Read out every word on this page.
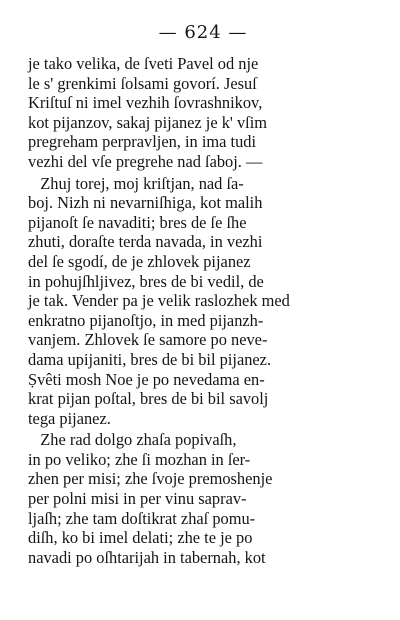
— 624 —
je tako velika, de ſveti Pavel od nje
le s' grenkimi ſolsami govorí. Jesuſ
Kriſtuſ ni imel vezhih ſovrashnikov,
kot pijanzov, sakaj pijanez je k' vſim
pregreham perpravljen, in ima tudi
vezhi del vſe pregrehe nad ſaboj. —
Zhuj torej, moj kriſtjan, nad ſa-
boj. Nizh ni nevarniſhiga, kot malih
pijanoſt ſe navaditi; bres de ſe ſhe
zhuti, doraſte terda navada, in vezhi
del ſe sgodí, de je zhlovek pijanez
in pohujſhljivez, bres de bi vedil, de
je tak. Vender pa je velik raslozhek med
enkratno pijanoſtjo, in med pijanzh-
vanjem. Zhlovek ſe samore po neve-
dama upijaniti, bres de bi bil pijanez.
Ṣvêti mosh Noe je po nevedama en-
krat pijan poſtal, bres de bi bil savolj
tega pijanez.
Zhe rad dolgo zhaſa popivaſh,
in po veliko; zhe ſi mozhan in ſer-
zhen per misi; zhe ſvoje premoshenje
per polni misi in per vinu saprav-
ljaſh; zhe tam doſtikrat zhaſ pomu-
diſh, ko bi imel delati; zhe te je po
navadi po oſhtarijah in tabernah, kot
